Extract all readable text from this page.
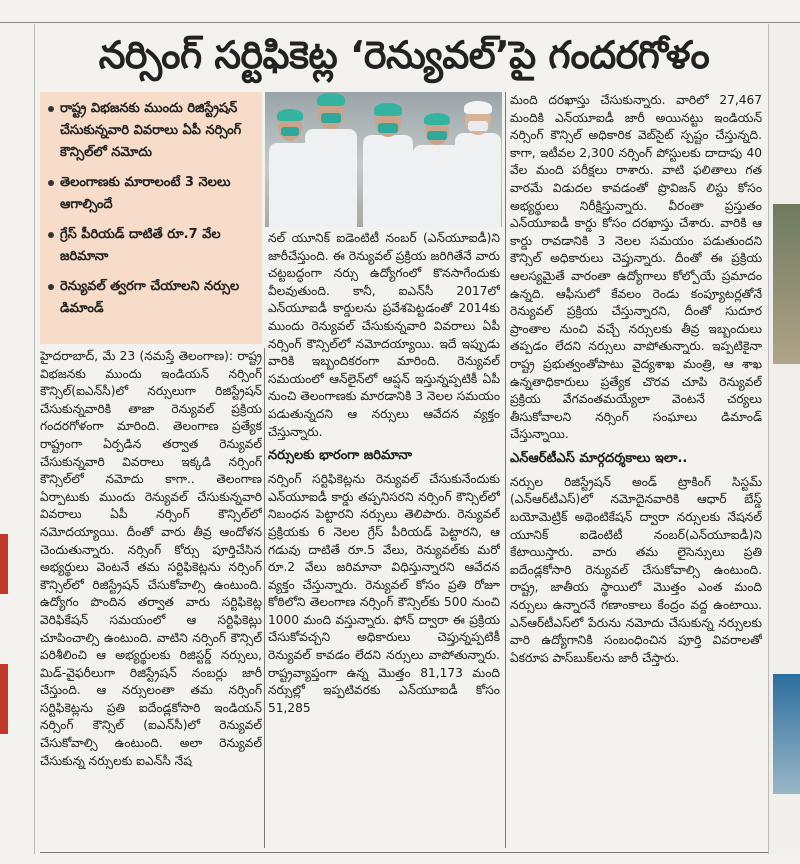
నర్సింగ్ సర్టిఫికెట్ల ‘రెన్యువల్’పై గందరగోళం
రాష్ట్ర విభజనకు ముందు రిజిస్ట్రేషన్ చేసుకున్నవారి వివరాలు ఏపీ నర్సింగ్ కౌన్సిల్‌లో నమోదు
తెలంగాణకు మారాలంటే 3 నెలలు ఆగాల్సిందే
గ్రేస్ పీరియడ్ దాటితే రూ.7 వేల జరిమానా
రెన్యువల్ త్వరగా చేయాలని నర్సుల డిమాండ్

హైదరాబాద్, మే 23 (నమస్తే తెలంగాణ): రాష్ట్ర విభజనకు ముందు ఇండియన్ నర్సింగ్ కౌన్సిల్(ఐఎన్‌సీ)లో నర్సులుగా రిజిస్ట్రేషన్ చేసుకున్నవారికి తాజా రెన్యువల్ ప్రక్రియ గందరగోళంగా మారింది. తెలంగాణ ప్రత్యేక రాష్ట్రంగా ఏర్పడిన తర్వాత రెన్యువల్ చేసుకున్నవారి వివరాలు ఇక్కడి నర్సింగ్ కౌన్సిల్‌లో నమోదు కాగా.. తెలంగాణ ఏర్పాటుకు ముందు రెన్యువల్ చేసుకున్నవారి వివరాలు ఏపీ నర్సింగ్ కౌన్సిల్‌లో నమోదయ్యాయి. దీంతో వారు తీవ్ర ఆందోళన చెందుతున్నారు. నర్సింగ్ కోర్సు పూర్తిచేసిన అభ్యర్థులు వెంటనే తమ సర్టిఫికెట్లను నర్సింగ్ కౌన్సిల్‌లో రిజిస్ట్రేషన్ చేసుకోవాల్సి ఉంటుంది. ఉద్యోగం పొందిన తర్వాత వారు సర్టిఫికెట్ల వెరిఫికేషన్ సమయంలో ఆ సర్టిఫికెట్లు చూపించాల్సి ఉంటుంది. వాటిని నర్సింగ్ కౌన్సిల్ పరిశీలించి ఆ అభ్యర్థులకు రిజిస్టర్డ్ నర్సులు, మిడ్-వైఫరీలుగా రిజిస్ట్రేషన్ నంబర్లు జారీ చేస్తుంది. ఆ నర్సులంతా తమ నర్సింగ్ సర్టిఫికెట్లను ప్రతి ఐదేండ్లకోసారి ఇండియన్ నర్సింగ్ కౌన్సిల్ (ఐఎన్‌సీ)లో రెన్యువల్ చేసుకోవాల్సి ఉంటుంది. అలా రెన్యువల్ చేసుకున్న నర్సులకు ఐఎన్‌సీ నేష

నల్ యూనిక్ ఐడెంటిటీ నంబర్ (ఎన్‌యూఐడీ)ని జారీచేస్తుంది. ఈ రెన్యువల్ ప్రక్రియ జరిగితేనే వారు చట్టబద్ధంగా నర్సు ఉద్యోగంలో కొనసాగేందుకు వీలవుతుంది. కానీ, ఐఎన్‌సీ 2017లో ఎన్‌యూఐడీ కార్డులను ప్రవేశపెట్టడంతో 2014కు ముందు రెన్యువల్ చేసుకున్నవారి వివరాలు ఏపీ నర్సింగ్ కౌన్సిల్‌లో నమోదయ్యాయి. ఇదే ఇప్పుడు వారికి ఇబ్బందికరంగా మారింది. రెన్యువల్ సమయంలో ఆన్‌లైన్‌లో ఆప్షన్ ఇస్తున్నప్పటికీ ఏపీ నుంచి తెలంగాణకు మారడానికి 3 నెలల సమయం పడుతున్నదని ఆ నర్సులు ఆవేదన వ్యక్తం చేస్తున్నారు.

నర్సులకు భారంగా జరిమానా

నర్సింగ్ సర్టిఫికెట్లను రెన్యువల్ చేసుకునేందుకు ఎన్‌యూఐడీ కార్డు తప్పనిసరని నర్సింగ్ కౌన్సిల్‌లో నిబంధన పెట్టారని నర్సులు తెలిపారు. రెన్యువల్ ప్రక్రియకు 6 నెలల గ్రేస్ పీరియడ్ పెట్టారని, ఆ గడువు దాటితే రూ.5 వేలు, రెన్యువల్‌కు మరో రూ.2 వేలు జరిమానా విధిస్తున్నారని ఆవేదన వ్యక్తం చేస్తున్నారు. రెన్యువల్ కోసం ప్రతి రోజూ కోఠిలోని తెలంగాణ నర్సింగ్ కౌన్సిల్‌కు 500 నుంచి 1000 మంది వస్తున్నారు. ఫోన్ ద్వారా ఈ ప్రక్రియ చేసుకోవచ్చని అధికారులు చెప్తున్నప్పటికీ రెన్యువల్ కావడం లేదని నర్సులు వాపోతున్నారు. రాష్ట్రవ్యాప్తంగా ఉన్న మొత్తం 81,173 మంది నర్సుల్లో ఇప్పటివరకు ఎన్‌యూఐడీ కోసం 51,285

మంది దరఖాస్తు చేసుకున్నారు. వారిలో 27,467 మందికి ఎన్‌యూఐడీ జారీ అయినట్టు ఇండియన్ నర్సింగ్ కౌన్సిల్ అధికారిక వెబ్‌సైట్ స్పష్టం చేస్తున్నది. కాగా, ఇటీవల 2,300 నర్సింగ్ పోస్టులకు దాదాపు 40 వేల మంది పరీక్షలు రాశారు. వాటి ఫలితాలు గత వారమే విడుదల కావడంతో ప్రొవిజన్ లిస్టు కోసం అభ్యర్థులు నిరీక్షిస్తున్నారు. వీరంతా ప్రస్తుతం ఎన్‌యూఐడీ కార్డు కోసం దరఖాస్తు చేశారు. వారికి ఆ కార్డు రావడానికి 3 నెలల సమయం పడుతుందని కౌన్సిల్ అధికారులు చెప్తున్నారు. దీంతో ఈ ప్రక్రియ ఆలస్యమైతే వారంతా ఉద్యోగాలు కోల్పోయే ప్రమాదం ఉన్నది. ఆఫీసులో కేవలం రెండు కంప్యూటర్లతోనే రెన్యువల్ ప్రక్రియ చేస్తున్నారని, దీంతో సుదూర ప్రాంతాల నుంచి వచ్చే నర్సులకు తీవ్ర ఇబ్బందులు తప్పడం లేదని నర్సులు వాపోతున్నారు. ఇప్పటికైనా రాష్ట్ర ప్రభుత్వంతోపాటు వైద్యశాఖ మంత్రి, ఆ శాఖ ఉన్నతాధికారులు ప్రత్యేక చొరవ చూపి రెన్యువల్ ప్రక్రియ వేగవంతమయ్యేలా వెంటనే చర్యలు తీసుకోవాలని నర్సింగ్ సంఘాలు డిమాండ్ చేస్తున్నాయి.

ఎన్ఆర్‌టీఎస్ మార్గదర్శకాలు ఇలా..

నర్సుల రిజిస్ట్రేషన్ అండ్ ట్రాకింగ్ సిస్టమ్ (ఎన్ఆర్‌టీఎస్)లో నమోదైనవారికి ఆధార్ బేస్డ్ బయోమెట్రిక్ అథెంటికేషన్ ద్వారా నర్సులకు నేషనల్ యూనిక్ ఐడెంటిటీ నంబర్(ఎన్‌యూఐడీ)ని కేటాయిస్తారు. వారు తమ లైసెన్సులు ప్రతి ఐదేండ్లకోసారి రెన్యువల్ చేసుకోవాల్సి ఉంటుంది. రాష్ట్ర, జాతీయ స్థాయిలో మొత్తం ఎంత మంది నర్సులు ఉన్నారనే గణాంకాలు కేంద్రం వద్ద ఉంటాయి. ఎన్ఆర్‌టీఎస్‌లో పేరును నమోదు చేసుకున్న నర్సులకు వారి ఉద్యోగానికి సంబంధించిన పూర్తి వివరాలతో ఏకరూప పాస్‌బుక్‌లను జారీ చేస్తారు.
